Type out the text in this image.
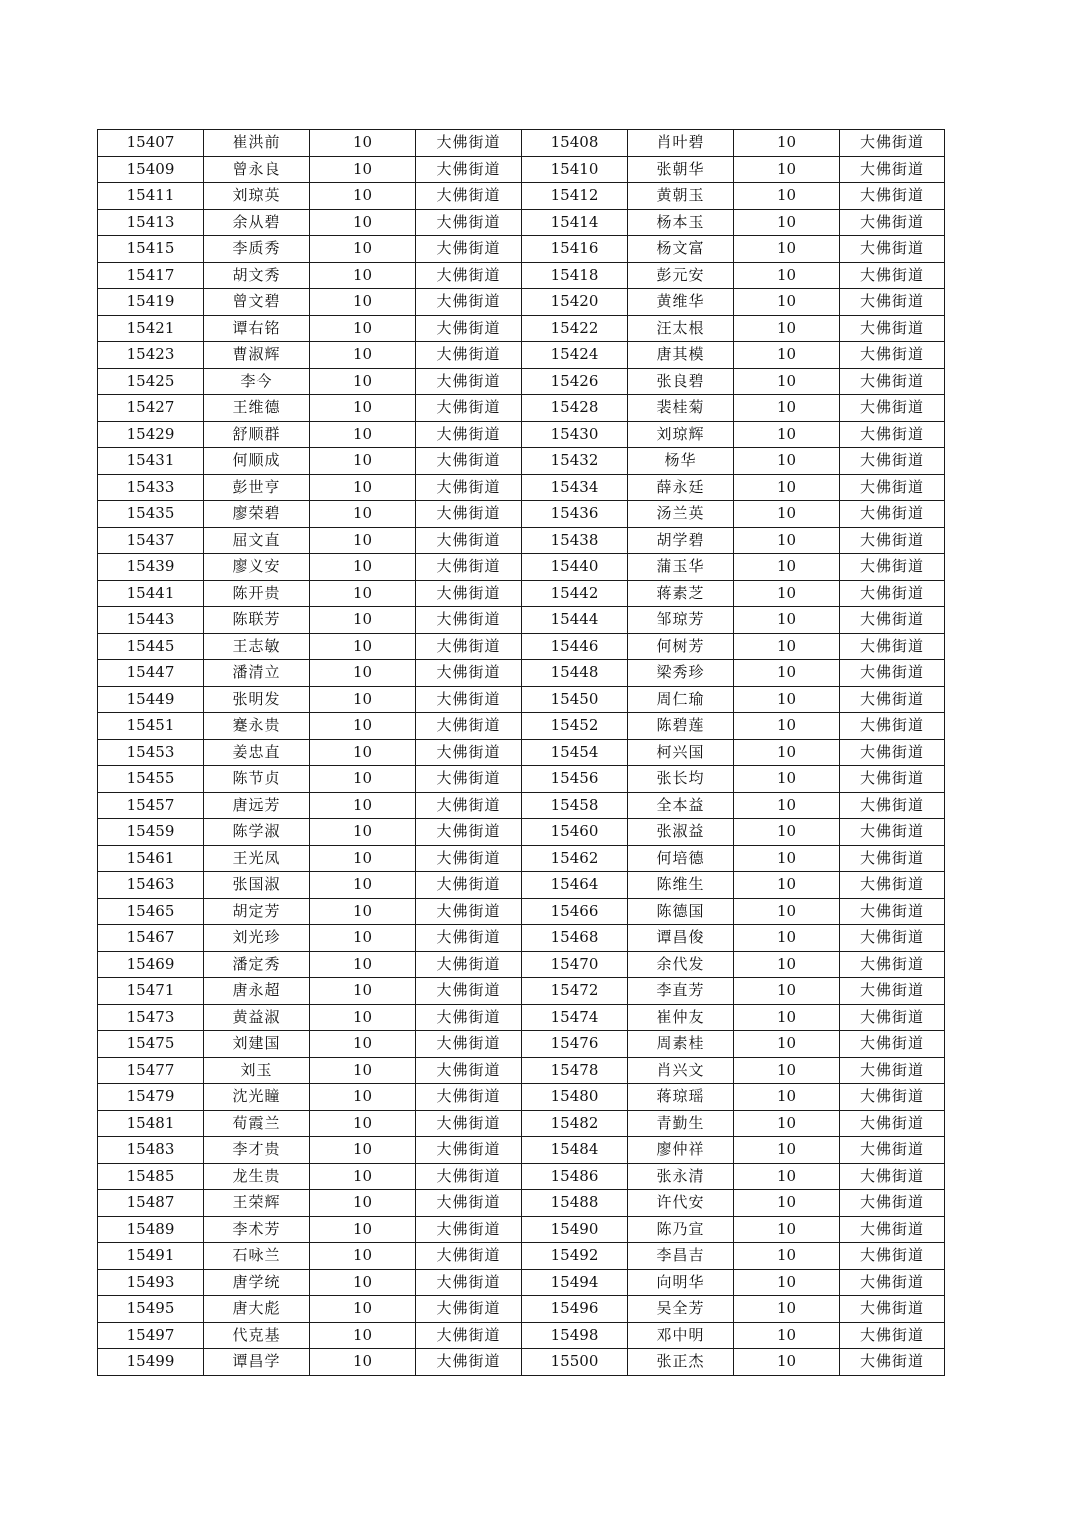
15407	崔洪前	10	大佛街道	15408	肖叶碧	10	大佛街道
15409	曾永良	10	大佛街道	15410	张朝华	10	大佛街道
15411	刘琼英	10	大佛街道	15412	黄朝玉	10	大佛街道
15413	余从碧	10	大佛街道	15414	杨本玉	10	大佛街道
15415	李质秀	10	大佛街道	15416	杨文富	10	大佛街道
15417	胡文秀	10	大佛街道	15418	彭元安	10	大佛街道
15419	曾文碧	10	大佛街道	15420	黄维华	10	大佛街道
15421	谭右铭	10	大佛街道	15422	汪太根	10	大佛街道
15423	曹淑辉	10	大佛街道	15424	唐其模	10	大佛街道
15425	李今	10	大佛街道	15426	张良碧	10	大佛街道
15427	王维德	10	大佛街道	15428	裴桂菊	10	大佛街道
15429	舒顺群	10	大佛街道	15430	刘琼辉	10	大佛街道
15431	何顺成	10	大佛街道	15432	杨华	10	大佛街道
15433	彭世亨	10	大佛街道	15434	薛永廷	10	大佛街道
15435	廖荣碧	10	大佛街道	15436	汤兰英	10	大佛街道
15437	屈文直	10	大佛街道	15438	胡学碧	10	大佛街道
15439	廖义安	10	大佛街道	15440	蒲玉华	10	大佛街道
15441	陈开贵	10	大佛街道	15442	蒋素芝	10	大佛街道
15443	陈联芳	10	大佛街道	15444	邹琼芳	10	大佛街道
15445	王志敏	10	大佛街道	15446	何树芳	10	大佛街道
15447	潘清立	10	大佛街道	15448	梁秀珍	10	大佛街道
15449	张明发	10	大佛街道	15450	周仁瑜	10	大佛街道
15451	蹇永贵	10	大佛街道	15452	陈碧莲	10	大佛街道
15453	姜忠直	10	大佛街道	15454	柯兴国	10	大佛街道
15455	陈节贞	10	大佛街道	15456	张长均	10	大佛街道
15457	唐远芳	10	大佛街道	15458	全本益	10	大佛街道
15459	陈学淑	10	大佛街道	15460	张淑益	10	大佛街道
15461	王光凤	10	大佛街道	15462	何培德	10	大佛街道
15463	张国淑	10	大佛街道	15464	陈维生	10	大佛街道
15465	胡定芳	10	大佛街道	15466	陈德国	10	大佛街道
15467	刘光珍	10	大佛街道	15468	谭昌俊	10	大佛街道
15469	潘定秀	10	大佛街道	15470	余代发	10	大佛街道
15471	唐永超	10	大佛街道	15472	李直芳	10	大佛街道
15473	黄益淑	10	大佛街道	15474	崔仲友	10	大佛街道
15475	刘建国	10	大佛街道	15476	周素桂	10	大佛街道
15477	刘玉	10	大佛街道	15478	肖兴文	10	大佛街道
15479	沈光瞳	10	大佛街道	15480	蒋琼瑶	10	大佛街道
15481	荀霞兰	10	大佛街道	15482	青勤生	10	大佛街道
15483	李才贵	10	大佛街道	15484	廖仲祥	10	大佛街道
15485	龙生贵	10	大佛街道	15486	张永清	10	大佛街道
15487	王荣辉	10	大佛街道	15488	许代安	10	大佛街道
15489	李术芳	10	大佛街道	15490	陈乃宣	10	大佛街道
15491	石咏兰	10	大佛街道	15492	李昌吉	10	大佛街道
15493	唐学统	10	大佛街道	15494	向明华	10	大佛街道
15495	唐大彪	10	大佛街道	15496	吴全芳	10	大佛街道
15497	代克基	10	大佛街道	15498	邓中明	10	大佛街道
15499	谭昌学	10	大佛街道	15500	张正杰	10	大佛街道
